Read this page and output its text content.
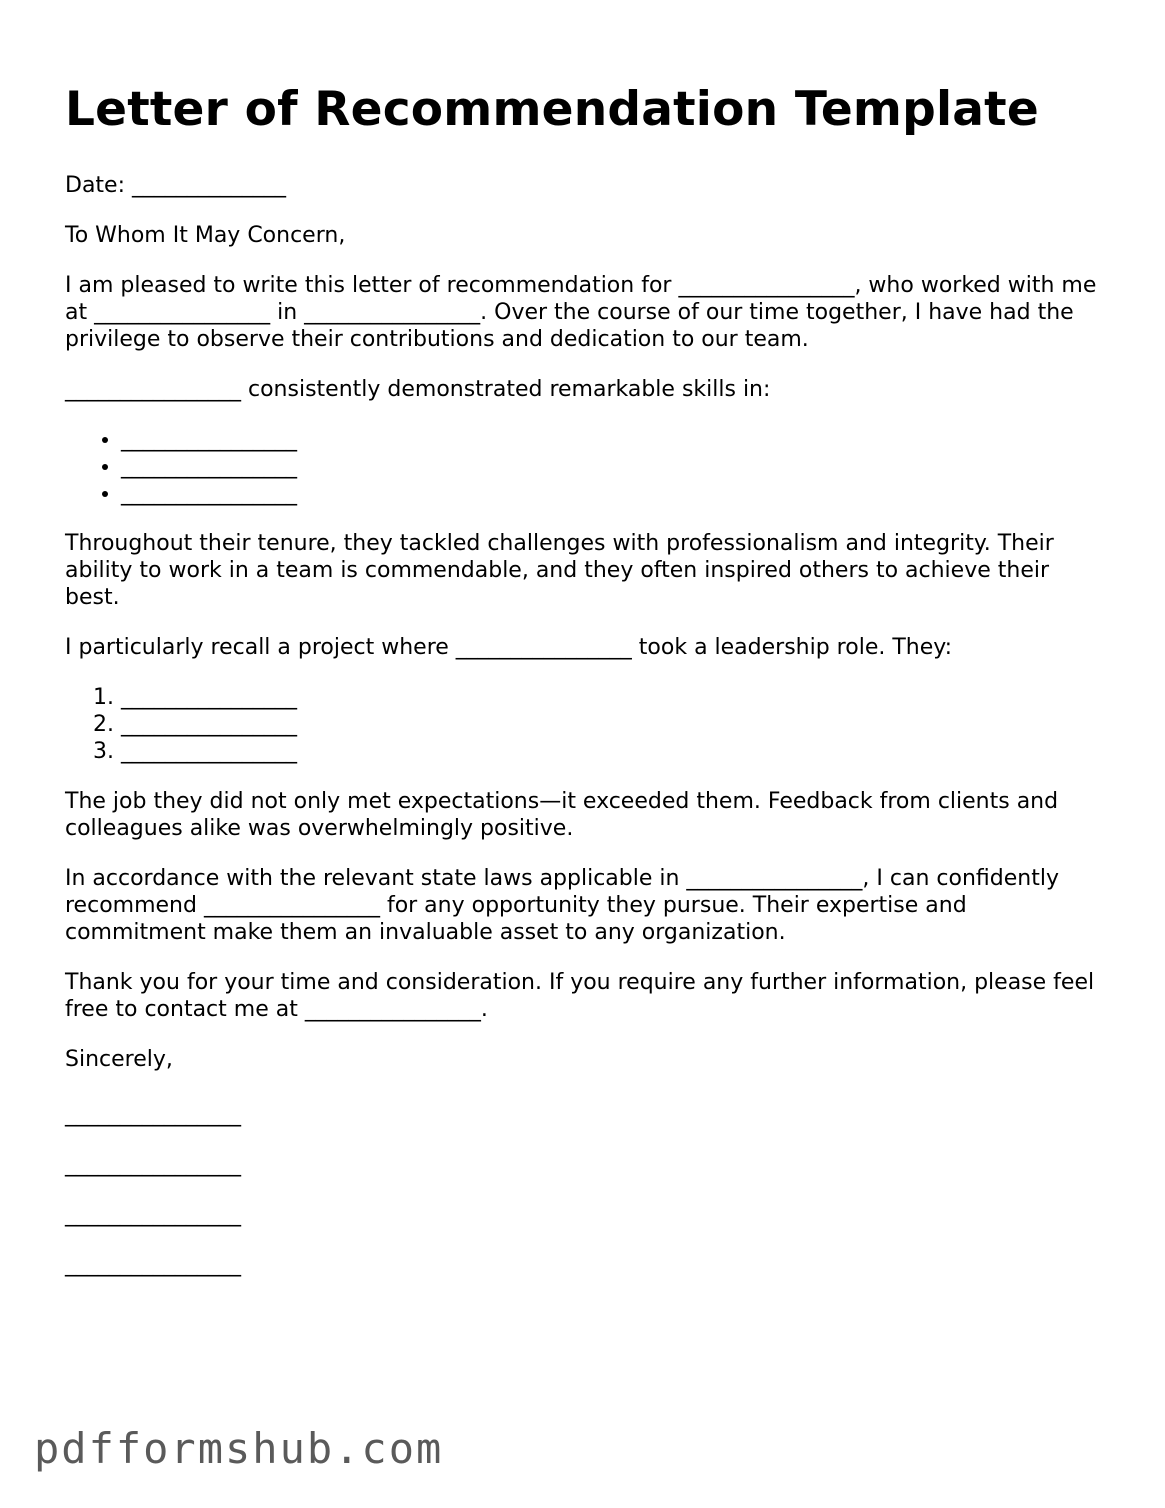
Letter of Recommendation Template

Date: ______________

To Whom It May Concern,

I am pleased to write this letter of recommendation for ________________, who worked with me at ________________ in ________________. Over the course of our time together, I have had the privilege to observe their contributions and dedication to our team.

________________ consistently demonstrated remarkable skills in:

• ________________
• ________________
• ________________

Throughout their tenure, they tackled challenges with professionalism and integrity. Their ability to work in a team is commendable, and they often inspired others to achieve their best.

I particularly recall a project where ________________ took a leadership role. They:

1. ________________
2. ________________
3. ________________

The job they did not only met expectations—it exceeded them. Feedback from clients and colleagues alike was overwhelmingly positive.

In accordance with the relevant state laws applicable in ________________, I can confidently recommend ________________ for any opportunity they pursue. Their expertise and commitment make them an invaluable asset to any organization.

Thank you for your time and consideration. If you require any further information, please feel free to contact me at ________________.

Sincerely,

________________
________________
________________
________________
pdfformshub.com
